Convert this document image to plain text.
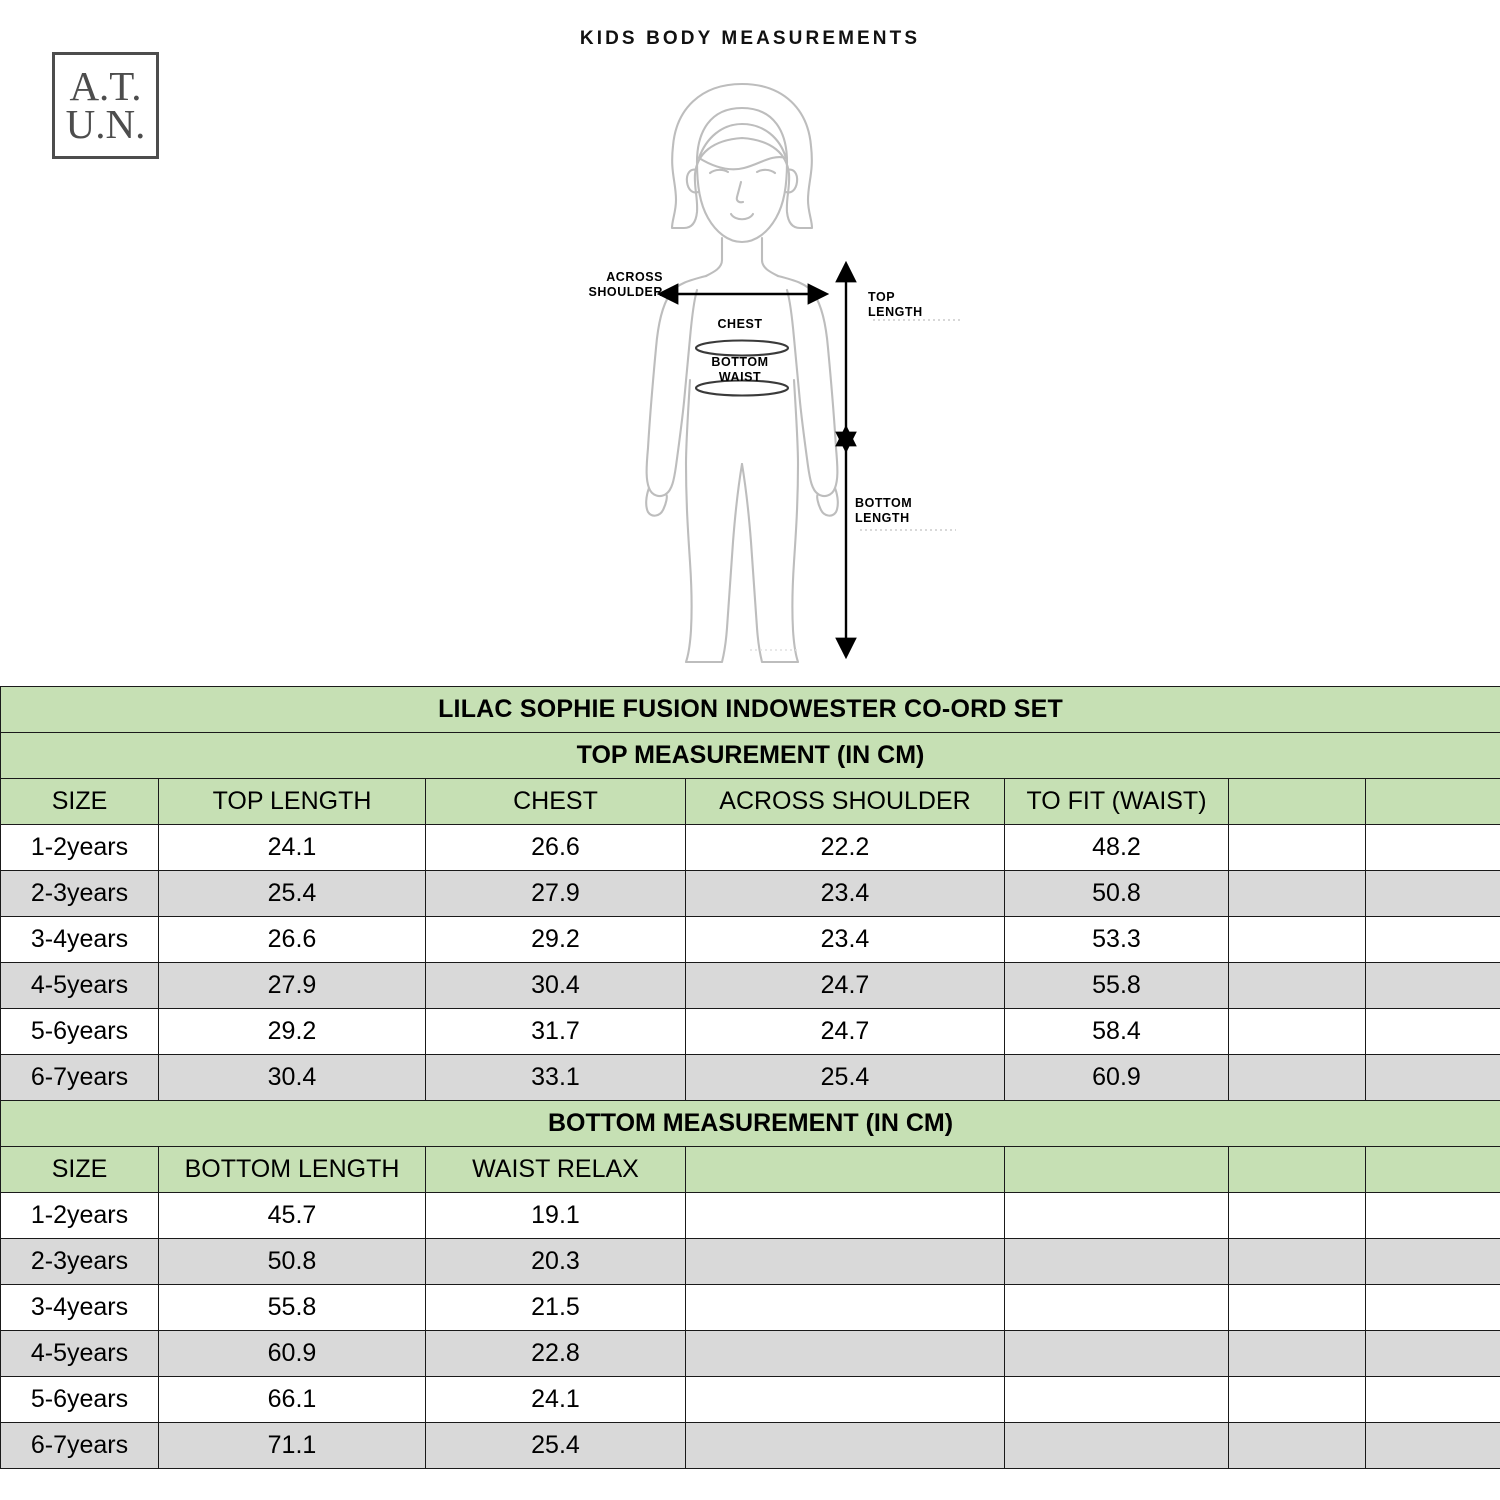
A.T.
U.N.
KIDS BODY MEASUREMENTS
ACROSS
SHOULDER
CHEST
BOTTOM
WAIST
TOP
LENGTH
BOTTOM
LENGTH
LILAC SOPHIE FUSION INDOWESTER CO-ORD SET						
TOP MEASUREMENT (IN CM)						
SIZE	TOP LENGTH	CHEST	ACROSS SHOULDER	TO FIT (WAIST)		
1-2years	24.1	26.6	22.2	48.2		
2-3years	25.4	27.9	23.4	50.8		
3-4years	26.6	29.2	23.4	53.3		
4-5years	27.9	30.4	24.7	55.8		
5-6years	29.2	31.7	24.7	58.4		
6-7years	30.4	33.1	25.4	60.9		
BOTTOM MEASUREMENT (IN CM)						
SIZE	BOTTOM LENGTH	WAIST RELAX				
1-2years	45.7	19.1				
2-3years	50.8	20.3				
3-4years	55.8	21.5				
4-5years	60.9	22.8				
5-6years	66.1	24.1				
6-7years	71.1	25.4				
